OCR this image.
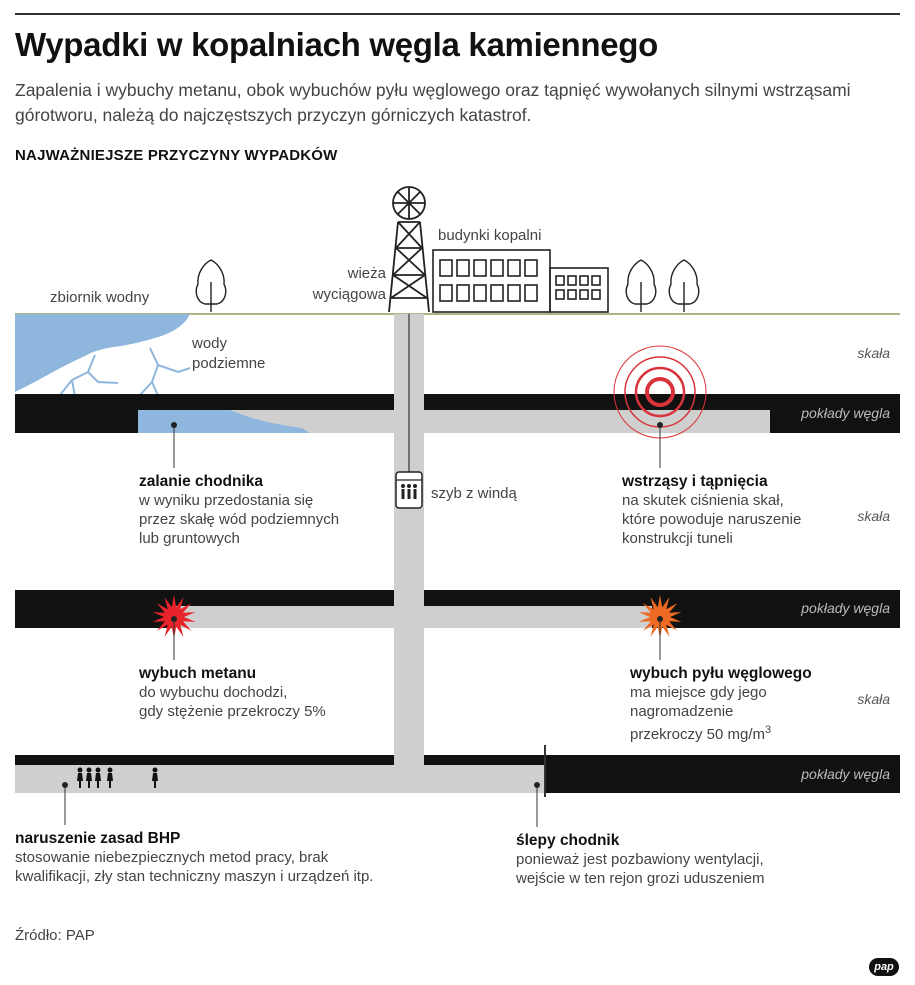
Wypadki w kopalniach węgla kamiennego
Zapalenia i wybuchy metanu, obok wybuchów pyłu węglowego oraz tąpnięć wywołanych silnymi wstrząsami górotworu, należą do najczęstszych przyczyn górniczych katastrof.
NAJWAŻNIEJSZE PRZYCZYNY WYPADKÓW
zbiornik wodny
wieża
wyciągowa
budynki kopalni
wody
podziemne
szyb z windą
skała
skała
skała
pokłady węgla
pokłady węgla
pokłady węgla
zalanie chodnika
w wyniku przedostania się
przez skałę wód podziemnych
lub gruntowych
wstrząsy i tąpnięcia
na skutek ciśnienia skał,
które powoduje naruszenie
konstrukcji tuneli
wybuch metanu
do wybuchu dochodzi,
gdy stężenie przekroczy 5%
wybuch pyłu węglowego
ma miejsce gdy jego
nagromadzenie
przekroczy 50 $mg/m^3$
naruszenie zasad BHP
stosowanie niebezpiecznych metod pracy, brak
kwalifikacji, zły stan techniczny maszyn i urządzeń itp.
ślepy chodnik
ponieważ jest pozbawiony wentylacji,
wejście w ten rejon grozi uduszeniem
Źródło: PAP
pap
